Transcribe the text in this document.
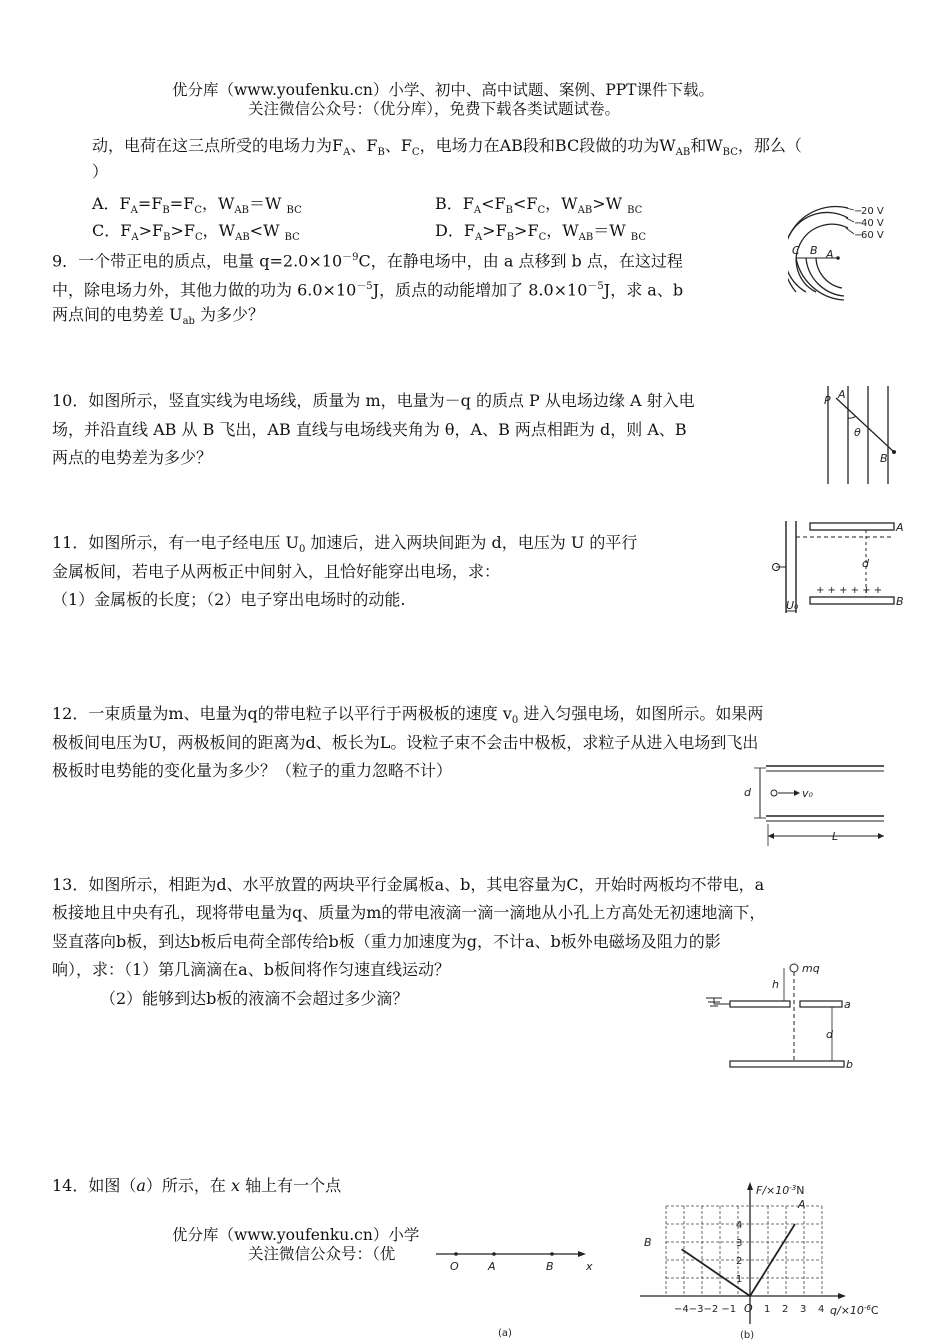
优分库（www.youfenku.cn）小学、初中、高中试题、案例、PPT课件下载。

关注微信公众号：（优分库），免费下载各类试题试卷。

动，电荷在这三点所受的电场力为$F_A$、$F_B$、$F_C$，电场力在AB段和BC段做的功为$W_{AB}$和$W_{BC}$，那么（

）

A．$F_A=F_B=F_C$，$W_{AB}=W$ $_{BC}$	B．$F_A<F_B<F_C$，$W_{AB}>W$ $_{BC}$

C．$F_A>F_B>F_C$，$W_{AB}<W$ $_{BC}$	D．$F_A>F_B>F_C$，$W_{AB}=W$ $_{BC}$

−
20 V
−
40 V
−
60 V
C B A

9．一个带正电的质点，电量 $q=2.0\times 10^{-9}C$，在静电场中，由 a 点移到 b 点，在这过程

中，除电场力外，其他力做的功为 $6.0\times 10^{-5}J$，质点的动能增加了 $8.0\times 10^{-5}J$，求 a、b

两点间的电势差 $U_{ab}$ 为多少？

10．如图所示，竖直实线为电场线，质量为 m，电量为－q 的质点 P 从电场边缘 A 射入电

场，并沿直线 AB 从 B 飞出，AB 直线与电场线夹角为 θ，A、B 两点相距为 d，则 A、B

两点的电势差为多少？

P A
θ
B

11．如图所示，有一电子经电压 $U_0$ 加速后，进入两块间距为 d，电压为 U 的平行

金属板间，若电子从两板正中间射入，且恰好能穿出电场，求：

（1）金属板的长度；（2）电子穿出电场时的动能.

A
B
d
+ + + + + +
U₀

12．一束质量为m、电量为q的带电粒子以平行于两极板的速度 $v_0$ 进入匀强电场，如图所示。如果两

极板间电压为U，两极板间的距离为d、板长为L。设粒子束不会击中极板，求粒子从进入电场到飞出

极板时电势能的变化量为多少？（粒子的重力忽略不计）

d	v₀
L

13．如图所示，相距为d、水平放置的两块平行金属板a、b，其电容量为C，开始时两板均不带电，a

板接地且中央有孔，现将带电量为q、质量为m的带电液滴一滴一滴地从小孔上方高处无初速地滴下，

竖直落向b板，到达b板后电荷全部传给b板（重力加速度为g，不计a、b板外电磁场及阻力的影

响），求：（1）第几滴滴在a、b板间将作匀速直线运动？

（2）能够到达b板的液滴不会超过多少滴？

mq
h
a
d
b

14．如图（a）所示，在 x 轴上有一个点

优分库（www.youfenku.cn）小学

关注微信公众号：（优

O	A	B	x
(a)
$F/\times 10^{-3}N$
$q/\times 10^{-6}C$
4
3
2
1
−4−3−2 −1 O 1 2 3 4
A
B
(b)
